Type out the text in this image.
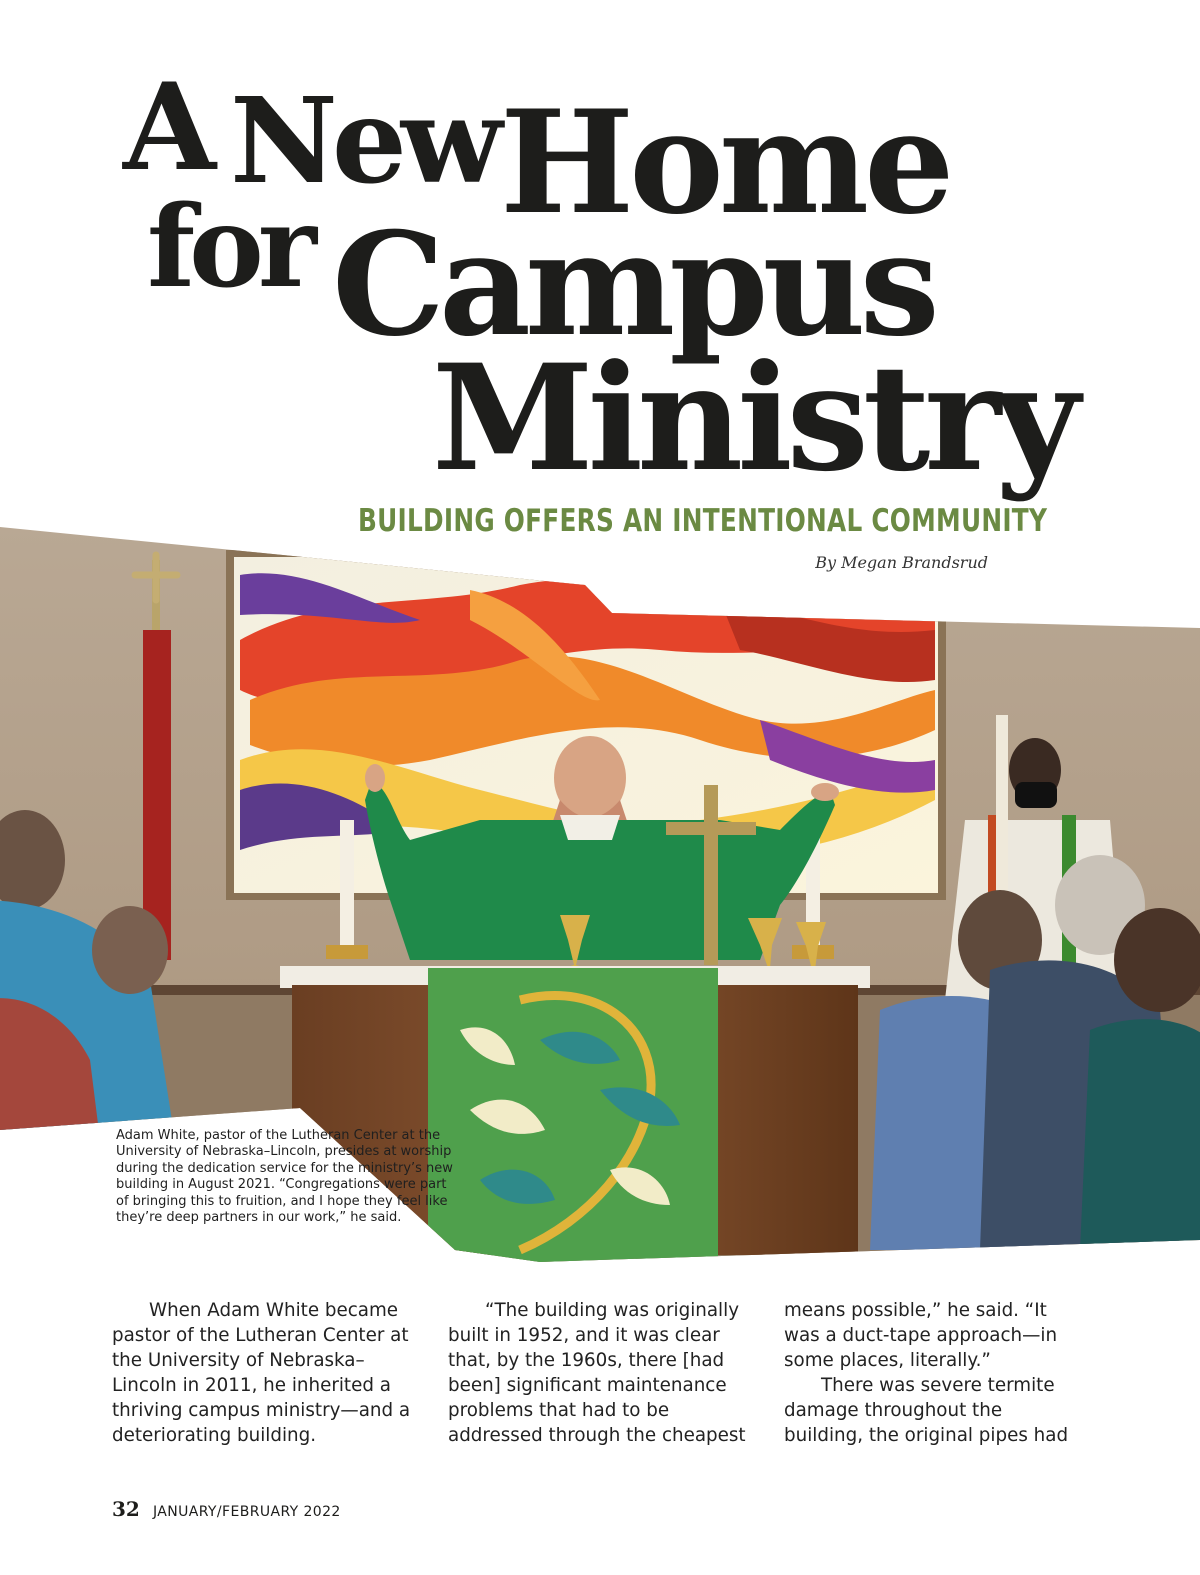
A New Home
for Campus
Ministry
BUILDING OFFERS AN INTENTIONAL COMMUNITY
By Megan Brandsrud

Adam White, pastor of the Lutheran Center at the University of Nebraska–Lincoln, presides at worship during the dedication service for the ministry’s new building in August 2021. “Congregations were part of bringing this to fruition, and I hope they feel like they’re deep partners in our work,” he said.

When Adam White became pastor of the Lutheran Center at the University of Nebraska–Lincoln in 2011, he inherited a thriving campus ministry—and a deteriorating building.

“The building was originally built in 1952, and it was clear that, by the 1960s, there [had been] significant maintenance problems that had to be addressed through the cheapest

means possible,” he said. “It was a duct-tape approach—in some places, literally.”

There was severe termite damage throughout the building, the original pipes had

32 JANUARY/FEBRUARY 2022
